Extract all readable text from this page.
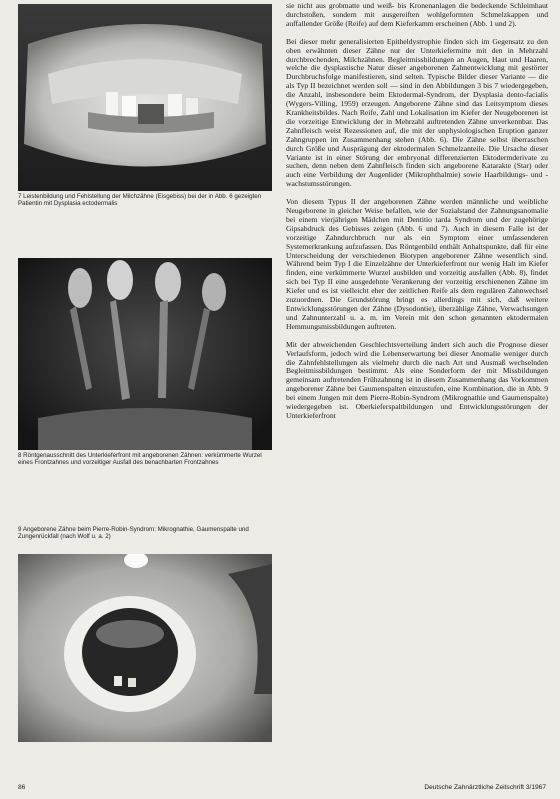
7 Leistenbildung und Fehlstellung der Milchzähne (Eisgebiss) bei der in Abb. 6 gezeigten Patientin mit Dysplasia ectodermalis
8 Röntgenausschnitt des Unterkieferfront mit angeborenen Zähnen: verkümmerte Wurzel eines Frontzahnes und vorzeitiger Ausfall des benachbarten Frontzahnes
9 Angeborene Zähne beim Pierre-Robin-Syndrom: Mikrognathie, Gaumenspalte und Zungenrückfall (nach Wolf u. a. 2)

sie nicht aus grobmatte und weiß- bis Kronenanlagen die bedeckende Schleimhaut durchstoßen, sondern mit ausgereiften wohlgeformten Schmelzkappen und auffallender Größe (Reife) auf dem Kieferkamm erscheinen (Abb. 1 und 2).

Bei dieser mehr generalisierten Epitheldystrophie finden sich im Gegensatz zu den oben erwähnten dieser Zähne nur der Unterkiefermitte mit den in Mehrzahl durchbrechenden, Milchzähnen. Begleitmissbildungen an Augen, Haut und Haaren, welche die dysplastische Natur dieser angeborenen Zahnentwicklung mit gestörter Durchbruchsfolge manifestieren, sind selten. Typische Bilder dieser Variante — die als Typ II bezeichnet werden soll — sind in den Abbildungen 3 bis 7 wiedergegeben, die Anzahl, insbesondere beim Ektodermal-Syndrom, der Dysplasia dento-facialis (Wygers-Villing, 1959) erzeugen. Angeborene Zähne sind das Leitsymptom dieses Krankheitsbildes. Nach Reife, Zahl und Lokalisation im Kiefer der Neugeborenen ist die vorzeitige Entwicklung der in Mehrzahl auftretenden Zähne unverkennbar. Das Zahnfleisch weist Rezessionen auf, die mit der unphysiologischen Eruption ganzer Zahngruppen im Zusammenhang stehen (Abb. 6). Die Zähne selbst überraschen durch Größe und Ausprägung der ektodermalen Schmelzanteile. Die Ursache dieser Variante ist in einer Störung der embryonal differenzierten Ektodermderivate zu suchen, denn neben dem Zahnfleisch finden sich angeborene Katarakte (Star) oder auch eine Verbildung der Augenlider (Mikrophthalmie) sowie Haarbildungs- und -wachstumsstörungen.

Von diesem Typus II der angeborenen Zähne werden männliche und weibliche Neugeborene in gleicher Weise befallen, wie der Sozialstand der Zahnungsanomalie bei einem vierjährigen Mädchen mit Dentitio tarda Syndrom und der zugehörige Gipsabdruck des Gebisses zeigen (Abb. 6 und 7). Auch in diesem Falle ist der vorzeitige Zahndurchbruch nur als ein Symptom einer umfassenderen Systemerkrankung aufzufassen. Das Röntgenbild enthält Anhaltspunkte, daß für eine Unterscheidung der verschiedenen Biotypen angeborener Zähne wesentlich sind. Während beim Typ I die Einzelzähne der Unterkieferfront nur wenig Halt im Kiefer finden, eine verkümmerte Wurzel ausbilden und vorzeitig ausfallen (Abb. 8), findet sich bei Typ II eine ausgedehnte Verankerung der vorzeitig erschienenen Zähne im Kiefer und es ist vielleicht eher der zeitlichen Reife als dem regulären Zahnwechsel zuzuordnen. Die Grundstörung bringt es allerdings mit sich, daß weitere Entwicklungsstörungen der Zähne (Dysodontie), überzählige Zähne, Verwachsungen und Zahnunterzahl u. a. m. im Verein mit den schon genannten ektodermalen Hemmungsmissbildungen auftreten.

Mit der abweichenden Geschlechtsverteilung ändert sich auch die Prognose dieser Verlaufsform, jedoch wird die Lebenserwartung bei dieser Anomalie weniger durch die Zahnfehlstellungen als vielmehr durch die nach Art und Ausmaß wechselnden Begleitmissbildungen bestimmt. Als eine Sonderform der mit Missbildungen gemeinsam auftretenden Frühzahnung ist in diesem Zusammenhang das Vorkommen angeborener Zähne bei Gaumenspalten einzustufen, eine Kombination, die in Abb. 9 bei einem Jungen mit dem Pierre-Robin-Syndrom (Mikrognathie und Gaumenspalte) wiedergegeben ist. Oberkieferspaltbildungen und Entwicklungsstörungen der Unterkieferfront

86	Deutsche Zahnärztliche Zeitschrift 3/1967
